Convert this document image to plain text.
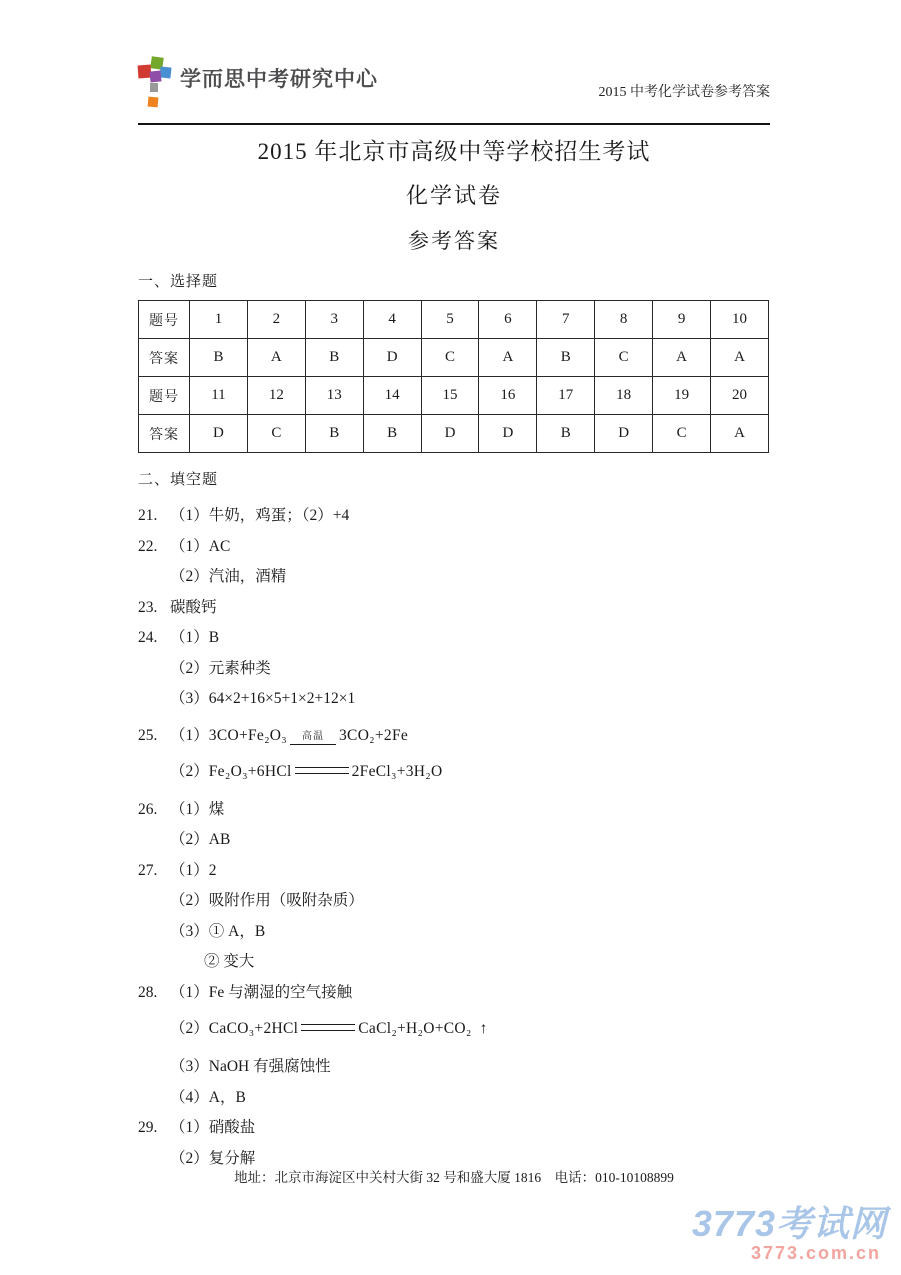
学而思中考研究中心
2015 中考化学试卷参考答案
2015 年北京市高级中等学校招生考试
化学试卷
参考答案
一、选择题
题号	1	2	3	4	5	6	7	8	9	10
答案	B	A	B	D	C	A	B	C	A	A
题号	11	12	13	14	15	16	17	18	19	20
答案	D	C	B	B	D	D	B	D	C	A
二、填空题
21. （1）牛奶，鸡蛋；（2）+4
22. （1）AC
（2）汽油，酒精
23. 碳酸钙
24. （1）B
（2）元素种类
（3）64×2+16×5+1×2+12×1
25. （1）3CO+Fe₂O₃ 高温 3CO₂+2Fe
（2）Fe₂O₃+6HCl	2FeCl₃+3H₂O
26. （1）煤
（2）AB
27. （1）2
（2）吸附作用（吸附杂质）
（3）① A，B
② 变大
28. （1）Fe 与潮湿的空气接触
（2）CaCO₃+2HCl	CaCl₂+H₂O+CO₂ ↑
（3）NaOH 有强腐蚀性
（4）A，B
29. （1）硝酸盐
（2）复分解
地址：北京市海淀区中关村大街 32 号和盛大厦 1816　电话：010-10108899
3773考试网
3773.com.cn
